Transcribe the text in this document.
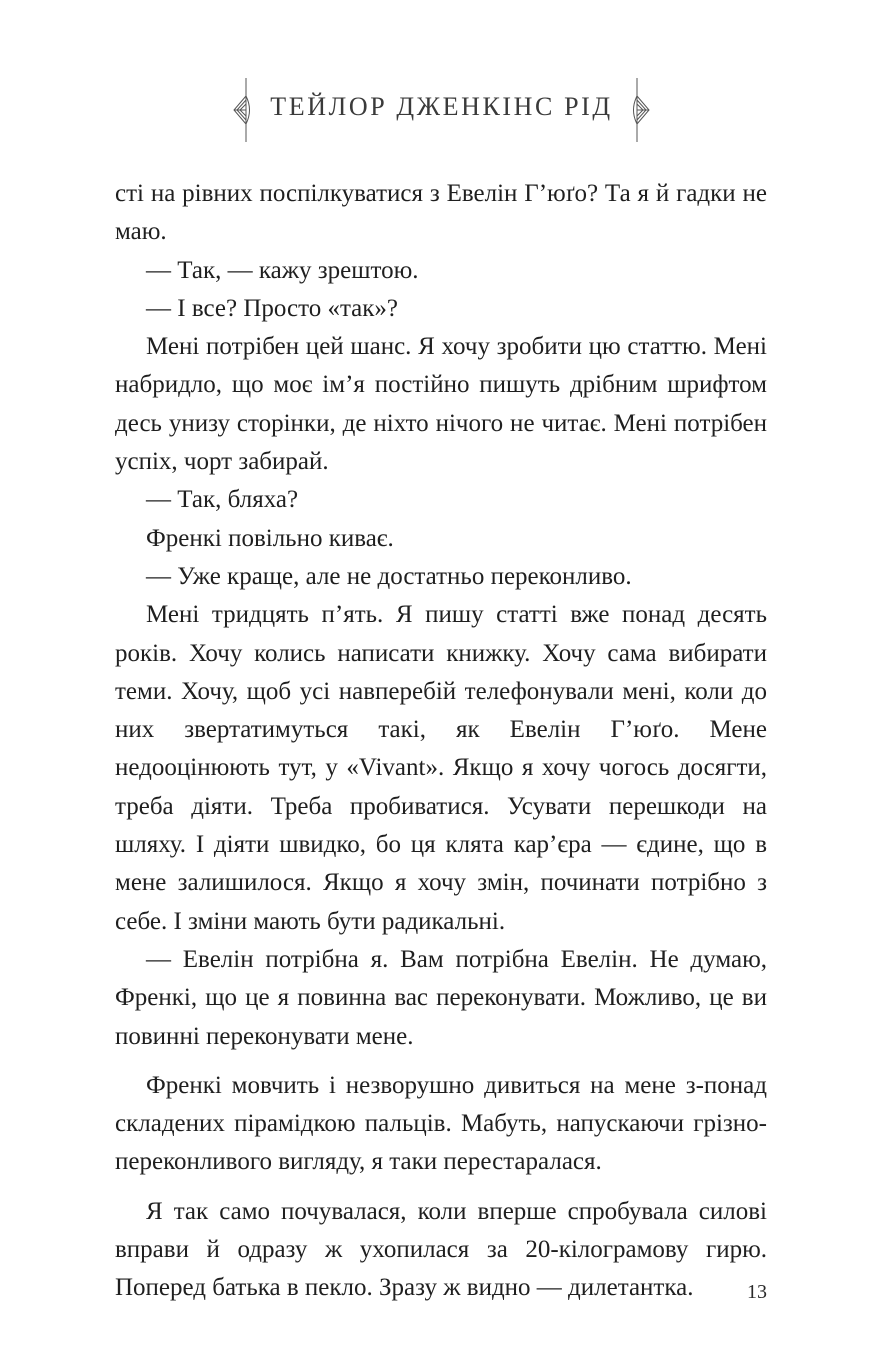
ТЕЙЛОР ДЖЕНКІНС РІД

сті на рівних поспілкуватися з Евелін Г’юґо? Та я й гадки не маю.

— Так, — кажу зрештою.

— І все? Просто «так»?

Мені потрібен цей шанс. Я хочу зробити цю статтю. Мені набридло, що моє ім’я постійно пишуть дрібним шрифтом десь унизу сторінки, де ніхто нічого не читає. Мені потрібен успіх, чорт забирай.

— Так, бляха?

Френкі повільно киває.

— Уже краще, але не достатньо переконливо.

Мені тридцять п’ять. Я пишу статті вже понад десять років. Хочу колись написати книжку. Хочу сама вибирати теми. Хочу, щоб усі навперебій телефонували мені, коли до них звертатимуться такі, як Евелін Г’юґо. Мене недооцінюють тут, у «Vivant». Якщо я хочу чогось досягти, треба діяти. Треба пробиватися. Усувати перешкоди на шляху. І діяти швидко, бо ця клята кар’єра — єдине, що в мене залишилося. Якщо я хочу змін, починати потрібно з себе. І зміни мають бути радикальні.

— Евелін потрібна я. Вам потрібна Евелін. Не думаю, Френкі, що це я повинна вас переконувати. Можливо, це ви повинні переконувати мене.

Френкі мовчить і незворушно дивиться на мене з-понад складених пірамідкою пальців. Мабуть, напускаючи грізно-переконливого вигляду, я таки перестаралася.

Я так само почувалася, коли вперше спробувала силові вправи й одразу ж ухопилася за 20-кілограмову гирю. Поперед батька в пекло. Зразу ж видно — дилетантка.	13
